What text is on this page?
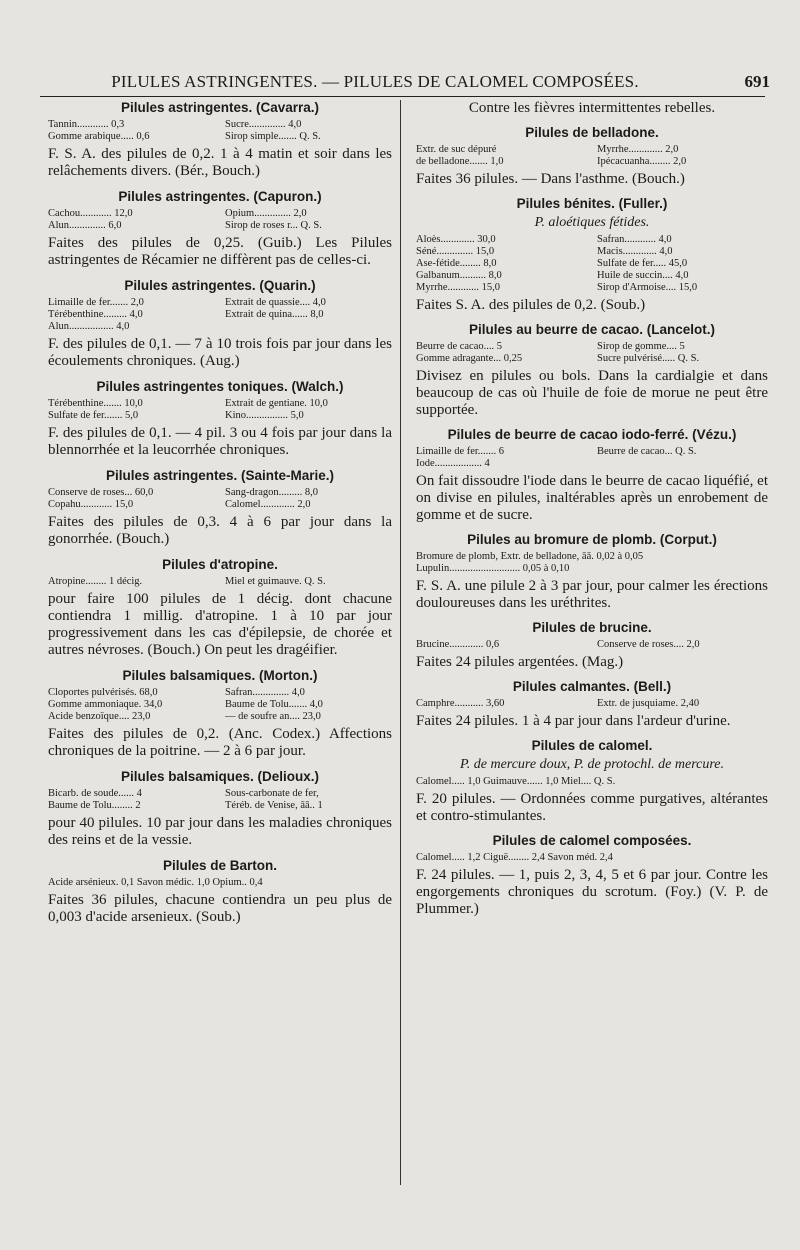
PILULES ASTRINGENTES. — PILULES DE CALOMEL COMPOSÉES.	691
Pilules astringentes. (Cavarra.)
Tannin............ 0,3	Sucre.............. 4,0
Gomme arabique..... 0,6	Sirop simple....... Q. S.

F. S. A. des pilules de 0,2. 1 à 4 matin et soir dans les relâchements divers. (Bér., Bouch.)

Pilules astringentes. (Capuron.)
Cachou............ 12,0	Opium.............. 2,0
Alun.............. 6,0	Sirop de roses r... Q. S.

Faites des pilules de 0,25. (Guib.) Les Pilules astringentes de Récamier ne diffèrent pas de celles-ci.

Pilules astringentes. (Quarin.)
Limaille de fer....... 2,0	Extrait de quassie.... 4,0
Térébenthine......... 4,0	Extrait de quina...... 8,0
Alun................. 4,0

F. des pilules de 0,1. — 7 à 10 trois fois par jour dans les écoulements chroniques. (Aug.)

Pilules astringentes toniques. (Walch.)
Térébenthine....... 10,0	Extrait de gentiane. 10,0
Sulfate de fer....... 5,0	Kino................ 5,0

F. des pilules de 0,1. — 4 pil. 3 ou 4 fois par jour dans la blennorrhée et la leucorrhée chroniques.

Pilules astringentes. (Sainte-Marie.)
Conserve de roses... 60,0	Sang-dragon......... 8,0
Copahu............ 15,0	Calomel............. 2,0

Faites des pilules de 0,3. 4 à 6 par jour dans la gonorrhée. (Bouch.)

Pilules d'atropine.
Atropine........ 1 décig.	Miel et guimauve. Q. S.

pour faire 100 pilules de 1 décig. dont chacune contiendra 1 millig. d'atropine. 1 à 10 par jour progressivement dans les cas d'épilepsie, de chorée et autres névroses. (Bouch.) On peut les dragéifier.

Pilules balsamiques. (Morton.)
Cloportes pulvérisés. 68,0	Safran.............. 4,0
Gomme ammoniaque. 34,0	Baume de Tolu....... 4,0
Acide benzoïque.... 23,0	— de soufre an.... 23,0

Faites des pilules de 0,2. (Anc. Codex.) Affections chroniques de la poitrine. — 2 à 6 par jour.

Pilules balsamiques. (Delioux.)
Bicarb. de soude...... 4	Sous-carbonate de fer,
Baume de Tolu........ 2	Téréb. de Venise, āā.. 1

pour 40 pilules. 10 par jour dans les maladies chroniques des reins et de la vessie.

Pilules de Barton.
Acide arsénieux. 0,1 Savon médic. 1,0 Opium.. 0,4

Faites 36 pilules, chacune contiendra un peu plus de 0,003 d'acide arsenieux. (Soub.)

Contre les fièvres intermittentes rebelles.

Pilules de belladone.
Extr. de suc dépuré	Myrrhe............. 2,0
de belladone....... 1,0	Ipécacuanha........ 2,0

Faites 36 pilules. — Dans l'asthme. (Bouch.)

Pilules bénites. (Fuller.)
P. aloétiques fétides.
Aloès............. 30,0	Safran............ 4,0
Séné.............. 15,0	Macis............. 4,0
Ase-fétide........ 8,0	Sulfate de fer..... 45,0
Galbanum.......... 8,0	Huile de succin.... 4,0
Myrrhe............ 15,0	Sirop d'Armoise.... 15,0

Faites S. A. des pilules de 0,2. (Soub.)

Pilules au beurre de cacao. (Lancelot.)
Beurre de cacao.... 5	Sirop de gomme.... 5
Gomme adragante... 0,25	Sucre pulvérisé..... Q. S.

Divisez en pilules ou bols. Dans la cardialgie et dans beaucoup de cas où l'huile de foie de morue ne peut être supportée.

Pilules de beurre de cacao iodo-ferré. (Vézu.)
Limaille de fer....... 6	Beurre de cacao... Q. S.
Iode.................. 4

On fait dissoudre l'iode dans le beurre de cacao liquéfié, et on divise en pilules, inaltérables après un enrobement de gomme et de sucre.

Pilules au bromure de plomb. (Corput.)
Bromure de plomb, Extr. de belladone, āā. 0,02 à 0,05
Lupulin........................... 0,05 à 0,10

F. S. A. une pilule 2 à 3 par jour, pour calmer les érections douloureuses dans les uréthrites.

Pilules de brucine.
Brucine............. 0,6	Conserve de roses.... 2,0

Faites 24 pilules argentées. (Mag.)

Pilules calmantes. (Bell.)
Camphre........... 3,60	Extr. de jusquiame. 2,40

Faites 24 pilules. 1 à 4 par jour dans l'ardeur d'urine.

Pilules de calomel.
P. de mercure doux, P. de protochl. de mercure.
Calomel..... 1,0 Guimauve...... 1,0 Miel.... Q. S.

F. 20 pilules. — Ordonnées comme purgatives, altérantes et contro-stimulantes.

Pilules de calomel composées.
Calomel..... 1,2 Ciguë........ 2,4 Savon méd. 2,4

F. 24 pilules. — 1, puis 2, 3, 4, 5 et 6 par jour. Contre les engorgements chroniques du scrotum. (Foy.) (V. P. de Plummer.)
